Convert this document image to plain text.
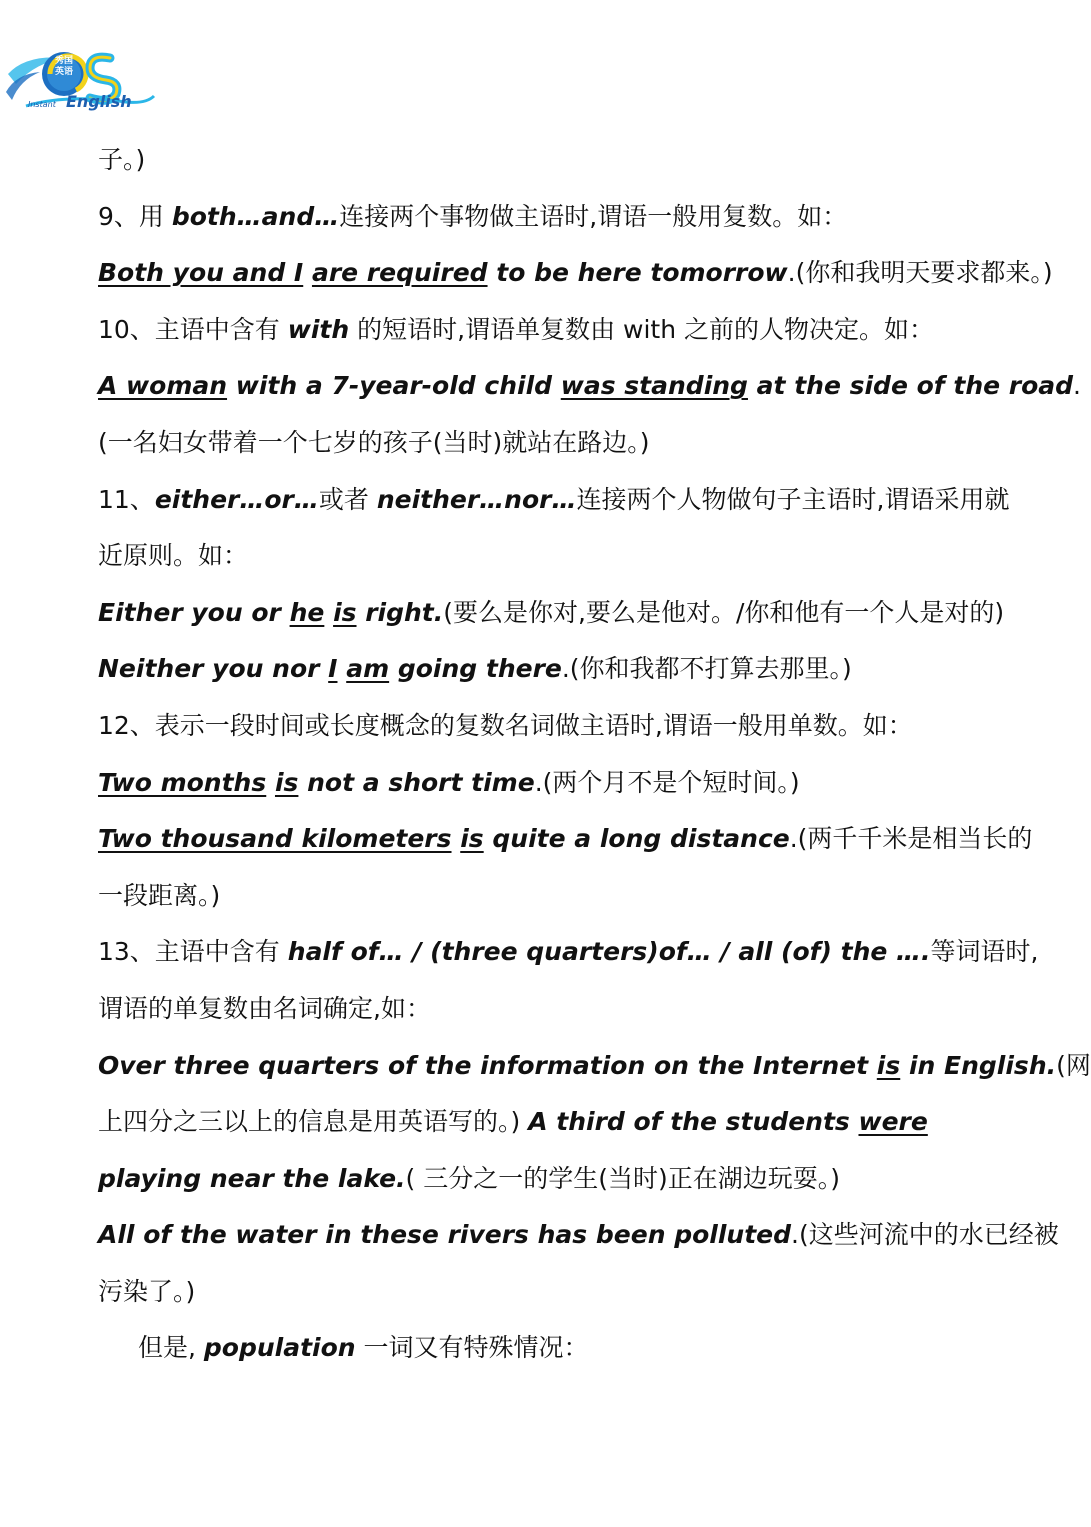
秀国
英语
Instant English
子。)
9、用 both…and…连接两个事物做主语时,谓语一般用复数。如：
Both you and I are required to be here tomorrow.(你和我明天要求都来。)
10、主语中含有 with 的短语时,谓语单复数由 with 之前的人物决定。如：
A woman with a 7-year-old child was standing at the side of the road.
(一名妇女带着一个七岁的孩子(当时)就站在路边。)
11、either…or…或者 neither…nor…连接两个人物做句子主语时,谓语采用就
近原则。如：
Either you or he is right.(要么是你对,要么是他对。/你和他有一个人是对的)
Neither you nor I am going there.(你和我都不打算去那里。)
12、表示一段时间或长度概念的复数名词做主语时,谓语一般用单数。如：
Two months is not a short time.(两个月不是个短时间。)
Two thousand kilometers is quite a long distance.(两千千米是相当长的
一段距离。)
13、主语中含有 half of… / (three quarters)of… / all (of) the ….等词语时,
谓语的单复数由名词确定,如：
Over three quarters of the information on the Internet is in English.(网
上四分之三以上的信息是用英语写的。) A third of the students were
playing near the lake.( 三分之一的学生(当时)正在湖边玩耍。)
All of the water in these rivers has been polluted.(这些河流中的水已经被
污染了。)
但是, population 一词又有特殊情况：
